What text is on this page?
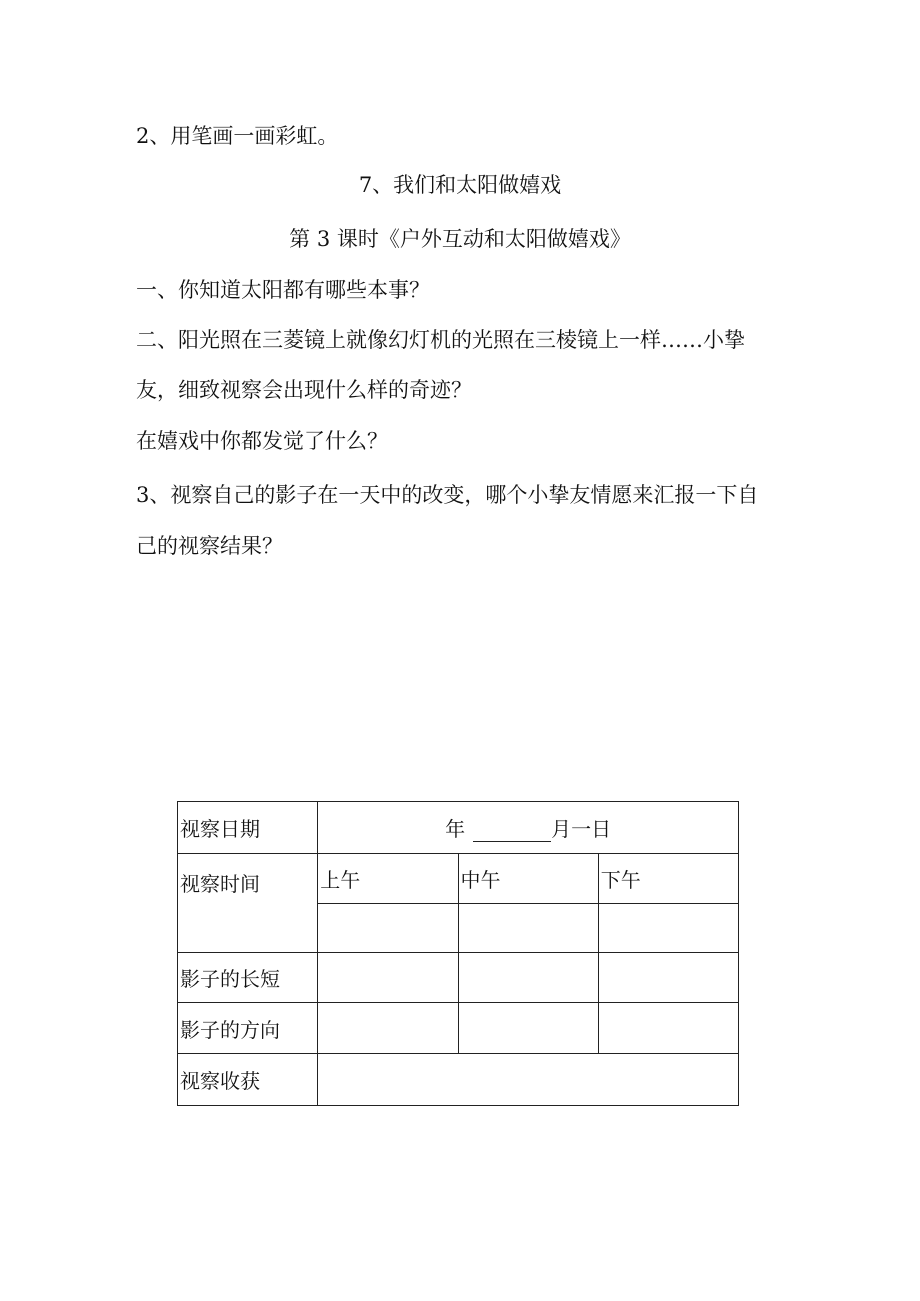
2、用笔画一画彩虹。

7、我们和太阳做嬉戏
第 3 课时《户外互动和太阳做嬉戏》

一、你知道太阳都有哪些本事？

二、阳光照在三菱镜上就像幻灯机的光照在三棱镜上一样……小挚

友，细致视察会出现什么样的奇迹？

在嬉戏中你都发觉了什么？

3、视察自己的影子在一天中的改变，哪个小挚友情愿来汇报一下自

己的视察结果？

视察日期	年 月一日		
视察时间	上午	中午	下午

影子的长短			
影子的方向			
视察收获			
